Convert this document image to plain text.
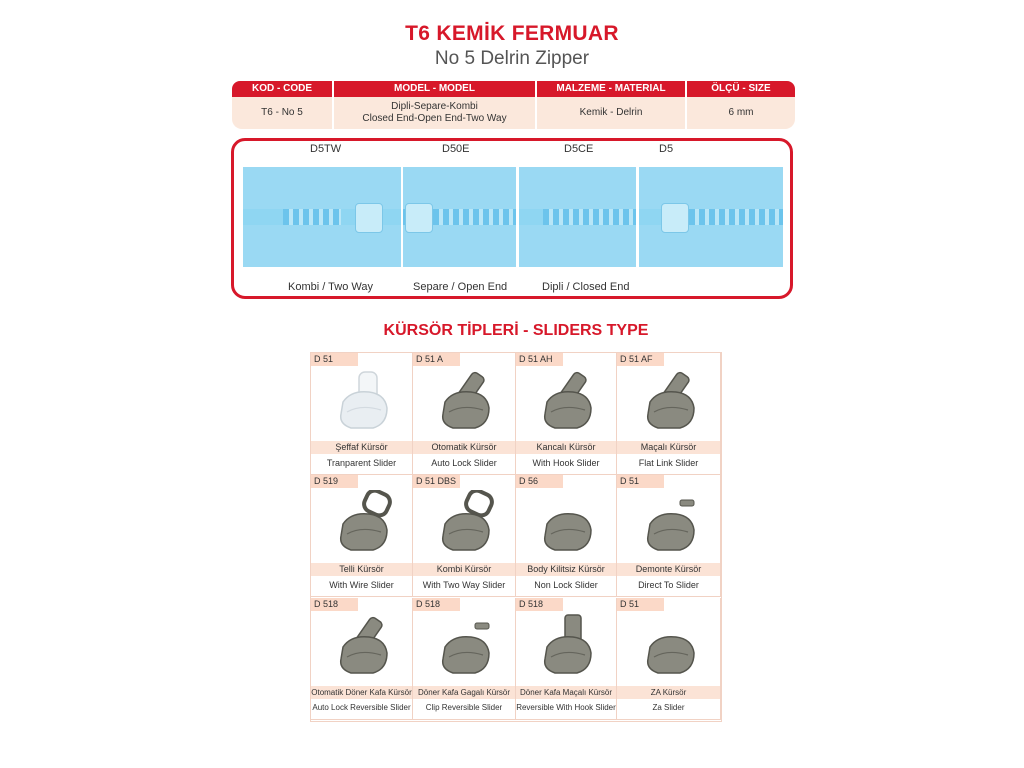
T6 KEMİK FERMUAR
No 5 Delrin Zipper
KOD - CODE	MODEL - MODEL	MALZEME - MATERIAL	ÖLÇÜ - SIZE
T6 - No 5
Dipli-Separe-Kombi
Closed End-Open End-Two Way
Kemik - Delrin	6 mm
D5TW	D50E	D5CE	D5
Kombi / Two Way	Separe / Open End	Dipli / Closed End
KÜRSÖR TİPLERİ - SLIDERS TYPE
D 51
Şeffaf Kürsör
Tranparent Slider
D 51 A
Otomatik Kürsör
Auto Lock Slider
D 51 AH
Kancalı Kürsör
With Hook Slider
D 51 AF
Maçalı Kürsör
Flat Link Slider
D 519
Telli Kürsör
With Wire Slider
D 51 DBS
Kombi Kürsör
With Two Way Slider
D 56
Body Kilitsiz Kürsör
Non Lock Slider
D 51
Demonte Kürsör
Direct To Slider
D 518
Otomatik Döner Kafa Kürsör
Auto Lock Reversible Slider
D 518
Döner Kafa Gagalı Kürsör
Clip Reversible Slider
D 518
Döner Kafa Maçalı Kürsör
Reversible With Hook Slider
D 51
ZA Kürsör
Za Slider
